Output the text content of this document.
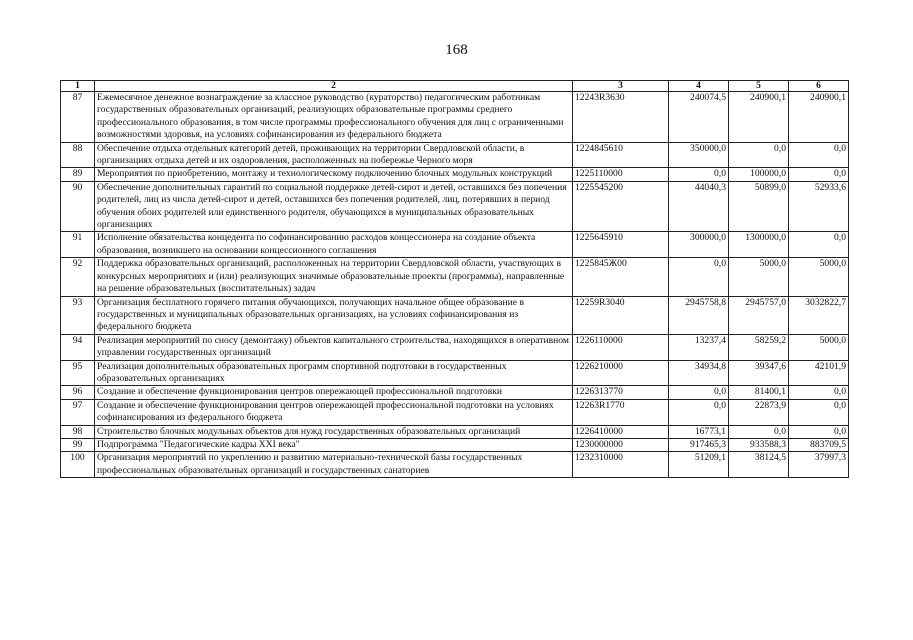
168
1	2	3	4	5	6
87	Ежемесячное денежное вознаграждение за классное руководство (кураторство) педагогическим работникам государственных образовательных организаций, реализующих образовательные программы среднего профессионального образования, в том числе программы профессионального обучения для лиц с ограниченными возможностями здоровья, на условиях софинансирования из федерального бюджета	12243R3630	240074,5	240900,1	240900,1
88	Обеспечение отдыха отдельных категорий детей, проживающих на территории Свердловской области, в организациях отдыха детей и их оздоровления, расположенных на побережье Черного моря	1224845610	350000,0	0,0	0,0
89	Мероприятия по приобретению, монтажу и технологическому подключению блочных модульных конструкций	1225110000	0,0	100000,0	0,0
90	Обеспечение дополнительных гарантий по социальной поддержке детей-сирот и детей, оставшихся без попечения родителей, лиц из числа детей-сирот и детей, оставшихся без попечения родителей, лиц, потерявших в период обучения обоих родителей или единственного родителя, обучающихся в муниципальных образовательных организациях	1225545200	44040,3	50899,0	52933,6
91	Исполнение обязательства концедента по софинансированию расходов концессионера на создание объекта образования, возникшего на основании концессионного соглашения	1225645910	300000,0	1300000,0	0,0
92	Поддержка образовательных организаций, расположенных на территории Свердловской области, участвующих в конкурсных мероприятиях и (или) реализующих значимые образовательные проекты (программы), направленные на решение образовательных (воспитательных) задач	1225845Ж00	0,0	5000,0	5000,0
93	Организация бесплатного горячего питания обучающихся, получающих начальное общее образование в государственных и муниципальных образовательных организациях, на условиях софинансирования из федерального бюджета	12259R3040	2945758,8	2945757,0	3032822,7
94	Реализация мероприятий по сносу (демонтажу) объектов капитального строительства, находящихся в оперативном управлении государственных организаций	1226110000	13237,4	58259,2	5000,0
95	Реализация дополнительных образовательных программ спортивной подготовки в государственных образовательных организациях	1226210000	34934,8	39347,6	42101,9
96	Создание и обеспечение функционирования центров опережающей профессиональной подготовки	1226313770	0,0	81400,1	0,0
97	Создание и обеспечение функционирования центров опережающей профессиональной подготовки на условиях софинансирования из федерального бюджета	12263R1770	0,0	22873,9	0,0
98	Строительство блочных модульных объектов для нужд государственных образовательных организаций	1226410000	16773,1	0,0	0,0
99	Подпрограмма "Педагогические кадры XXI века"	1230000000	917465,3	933588,3	883709,5
100	Организация мероприятий по укреплению и развитию материально-технической базы государственных профессиональных образовательных организаций и государственных санаториев	1232310000	51209,1	38124,5	37997,3
